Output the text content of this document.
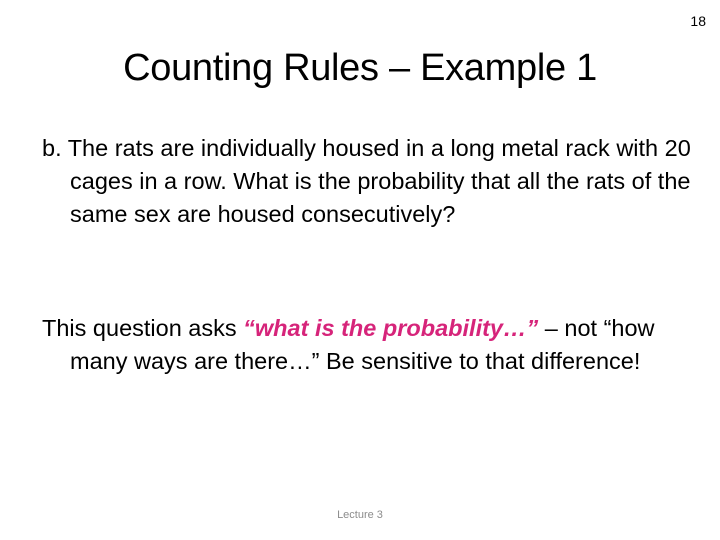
18
Counting Rules – Example 1

b. The rats are individually housed in a long metal rack with 20 cages in a row. What is the probability that all the rats of the same sex are housed consecutively?

This question asks “what is the probability…” – not “how many ways are there…” Be sensitive to that difference!

Lecture 3
